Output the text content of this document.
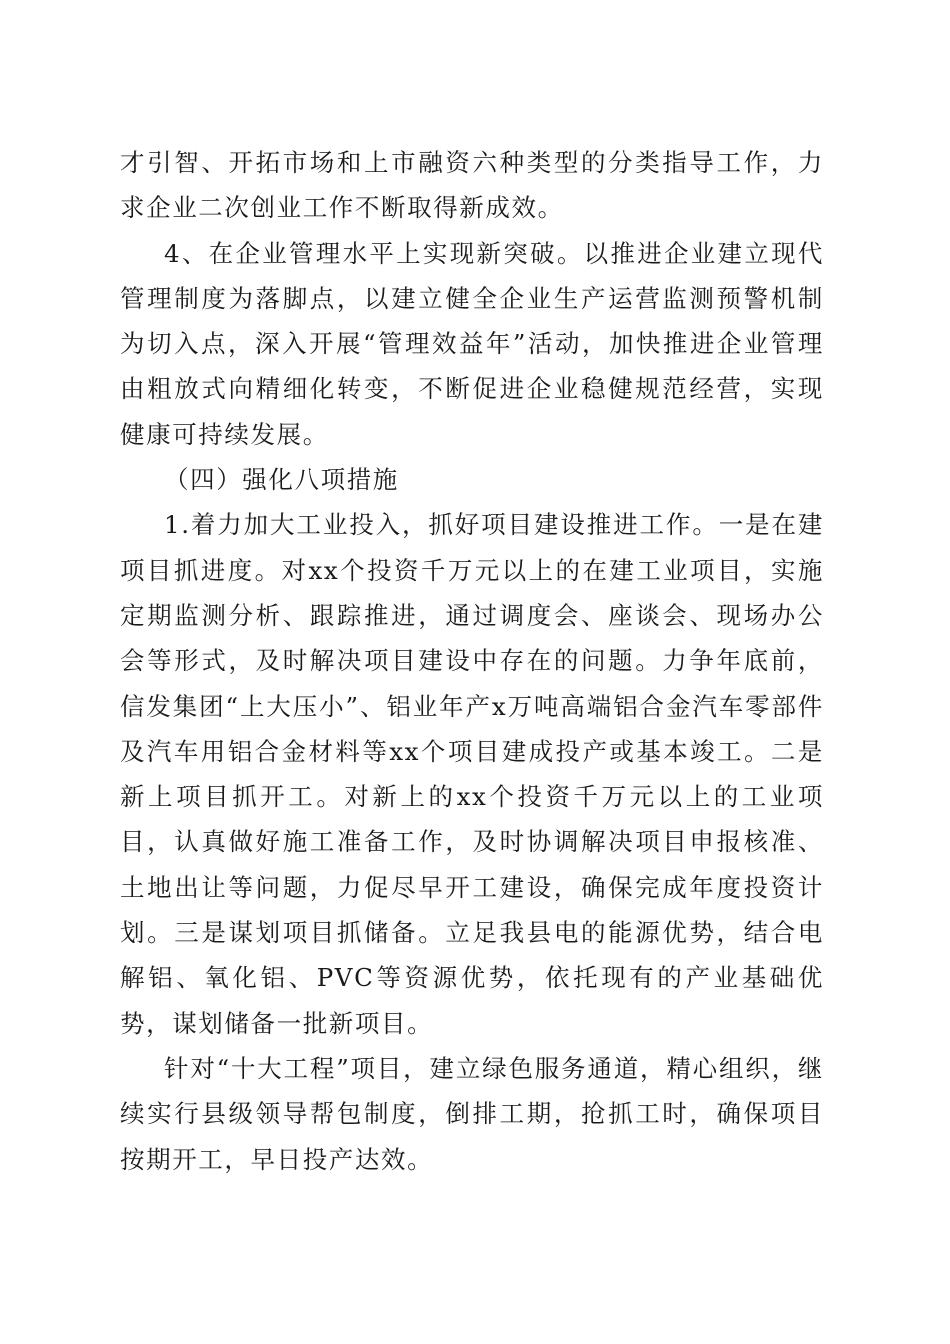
才引智、开拓市场和上市融资六种类型的分类指导工作，力求企业二次创业工作不断取得新成效。

4、在企业管理水平上实现新突破。以推进企业建立现代管理制度为落脚点，以建立健全企业生产运营监测预警机制为切入点，深入开展“管理效益年”活动，加快推进企业管理由粗放式向精细化转变，不断促进企业稳健规范经营，实现健康可持续发展。

（四）强化八项措施

1.着力加大工业投入，抓好项目建设推进工作。一是在建项目抓进度。对xx个投资千万元以上的在建工业项目，实施定期监测分析、跟踪推进，通过调度会、座谈会、现场办公会等形式，及时解决项目建设中存在的问题。力争年底前，信发集团“上大压小”、铝业年产x万吨高端铝合金汽车零部件及汽车用铝合金材料等xx个项目建成投产或基本竣工。二是新上项目抓开工。对新上的xx个投资千万元以上的工业项目，认真做好施工准备工作，及时协调解决项目申报核准、土地出让等问题，力促尽早开工建设，确保完成年度投资计划。三是谋划项目抓储备。立足我县电的能源优势，结合电解铝、氧化铝、PVC等资源优势，依托现有的产业基础优势，谋划储备一批新项目。

针对“十大工程”项目，建立绿色服务通道，精心组织，继续实行县级领导帮包制度，倒排工期，抢抓工时，确保项目按期开工，早日投产达效。
